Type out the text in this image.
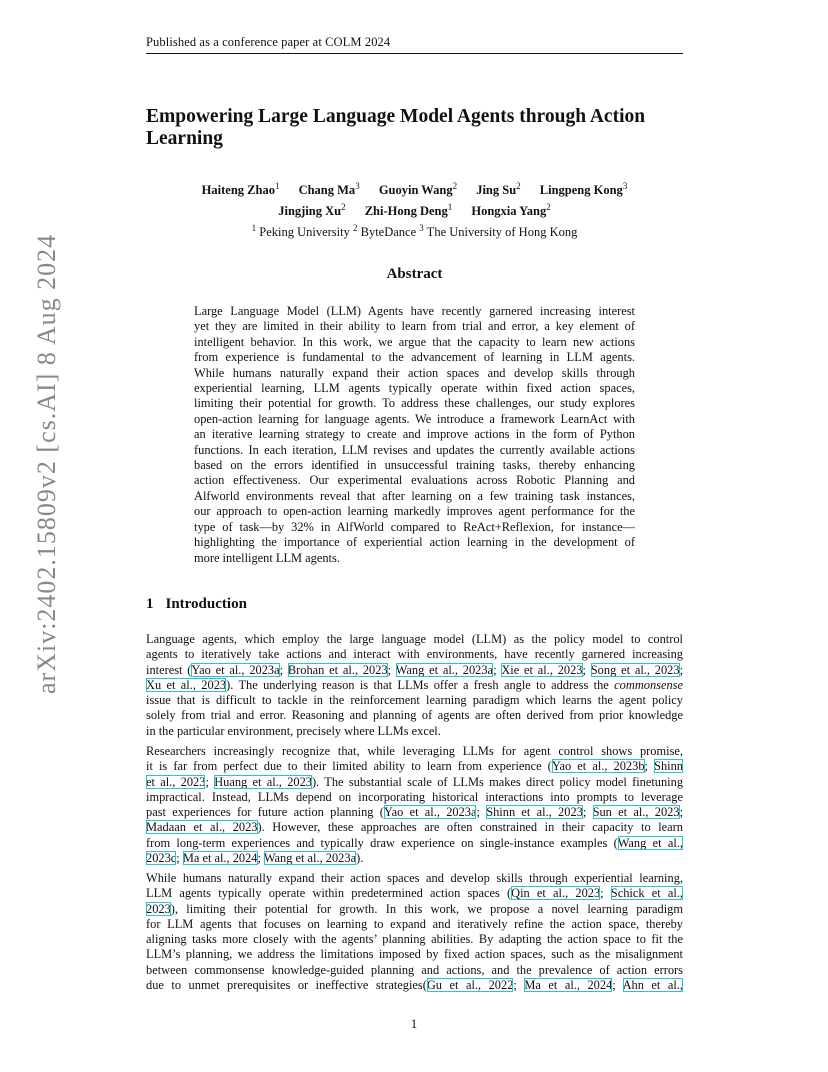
Published as a conference paper at COLM 2024
arXiv:2402.15809v2 [cs.AI] 8 Aug 2024
Empowering Large Language Model Agents through Action
Learning
Haiteng Zhao$^1$ Chang Ma$^3$ Guoyin Wang$^2$ Jing Su$^2$ Lingpeng Kong$^3$
Jingjing Xu$^2$ Zhi-Hong Deng$^1$ Hongxia Yang$^2$
$^1$ Peking University $^2$ ByteDance $^3$ The University of Hong Kong
Abstract
Large Language Model (LLM) Agents have recently garnered increasing interest
yet they are limited in their ability to learn from trial and error, a key element of
intelligent behavior. In this work, we argue that the capacity to learn new actions
from experience is fundamental to the advancement of learning in LLM agents.
While humans naturally expand their action spaces and develop skills through
experiential learning, LLM agents typically operate within fixed action spaces,
limiting their potential for growth. To address these challenges, our study explores
open-action learning for language agents. We introduce a framework LearnAct with
an iterative learning strategy to create and improve actions in the form of Python
functions. In each iteration, LLM revises and updates the currently available actions
based on the errors identified in unsuccessful training tasks, thereby enhancing
action effectiveness. Our experimental evaluations across Robotic Planning and
Alfworld environments reveal that after learning on a few training task instances,
our approach to open-action learning markedly improves agent performance for the
type of task—by 32% in AlfWorld compared to ReAct+Reflexion, for instance—
highlighting the importance of experiential action learning in the development of
more intelligent LLM agents.
1 Introduction
Language agents, which employ the large language model (LLM) as the policy model to control
agents to iteratively take actions and interact with environments, have recently garnered increasing
interest (Yao et al., 2023a; Brohan et al., 2023; Wang et al., 2023a; Xie et al., 2023; Song et al., 2023;
Xu et al., 2023). The underlying reason is that LLMs offer a fresh angle to address the commonsense
issue that is difficult to tackle in the reinforcement learning paradigm which learns the agent policy
solely from trial and error. Reasoning and planning of agents are often derived from prior knowledge
in the particular environment, precisely where LLMs excel.
Researchers increasingly recognize that, while leveraging LLMs for agent control shows promise,
it is far from perfect due to their limited ability to learn from experience (Yao et al., 2023b; Shinn
et al., 2023; Huang et al., 2023). The substantial scale of LLMs makes direct policy model finetuning
impractical. Instead, LLMs depend on incorporating historical interactions into prompts to leverage
past experiences for future action planning (Yao et al., 2023a; Shinn et al., 2023; Sun et al., 2023;
Madaan et al., 2023). However, these approaches are often constrained in their capacity to learn
from long-term experiences and typically draw experience on single-instance examples (Wang et al.,
2023c; Ma et al., 2024; Wang et al., 2023a).
While humans naturally expand their action spaces and develop skills through experiential learning,
LLM agents typically operate within predetermined action spaces (Qin et al., 2023; Schick et al.,
2023), limiting their potential for growth. In this work, we propose a novel learning paradigm
for LLM agents that focuses on learning to expand and iteratively refine the action space, thereby
aligning tasks more closely with the agents’ planning abilities. By adapting the action space to fit the
LLM’s planning, we address the limitations imposed by fixed action spaces, such as the misalignment
between commonsense knowledge-guided planning and actions, and the prevalence of action errors
due to unmet prerequisites or ineffective strategies(Gu et al., 2022; Ma et al., 2024; Ahn et al.,
1
